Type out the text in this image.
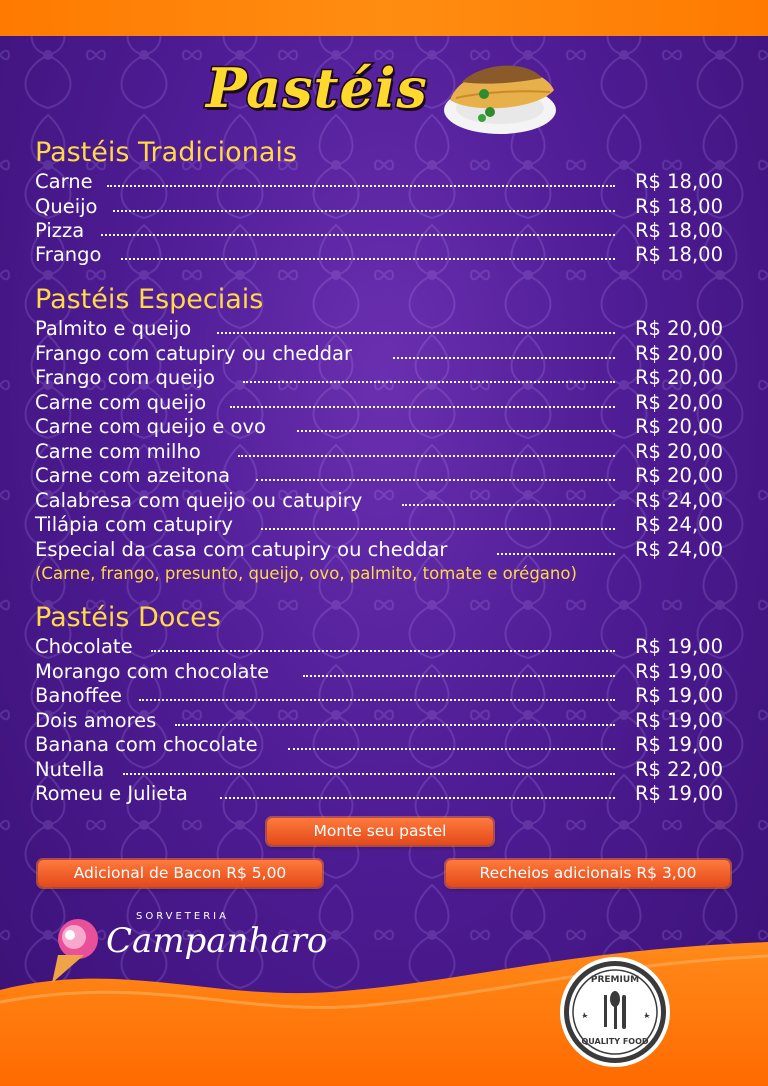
Pastéis
Pastéis Tradicionais
Carne	R$ 18,00
Queijo	R$ 18,00
Pizza	R$ 18,00
Frango	R$ 18,00
Pastéis Especiais
Palmito e queijo	R$ 20,00
Frango com catupiry ou cheddar	R$ 20,00
Frango com queijo	R$ 20,00
Carne com queijo	R$ 20,00
Carne com queijo e ovo	R$ 20,00
Carne com milho	R$ 20,00
Carne com azeitona	R$ 20,00
Calabresa com queijo ou catupiry	R$ 24,00
Tilápia com catupiry	R$ 24,00
Especial da casa com catupiry ou cheddar	R$ 24,00
(Carne, frango, presunto, queijo, ovo, palmito, tomate e orégano)
Pastéis Doces
Chocolate	R$ 19,00
Morango com chocolate	R$ 19,00
Banoffee	R$ 19,00
Dois amores	R$ 19,00
Banana com chocolate	R$ 19,00
Nutella	R$ 22,00
Romeu e Julieta	R$ 19,00
Monte seu pastel
Adicional de Bacon R$ 5,00	Recheios adicionais R$ 3,00
SORVETERIA
Campanharo
PREMIUM
QUALITY FOOD
